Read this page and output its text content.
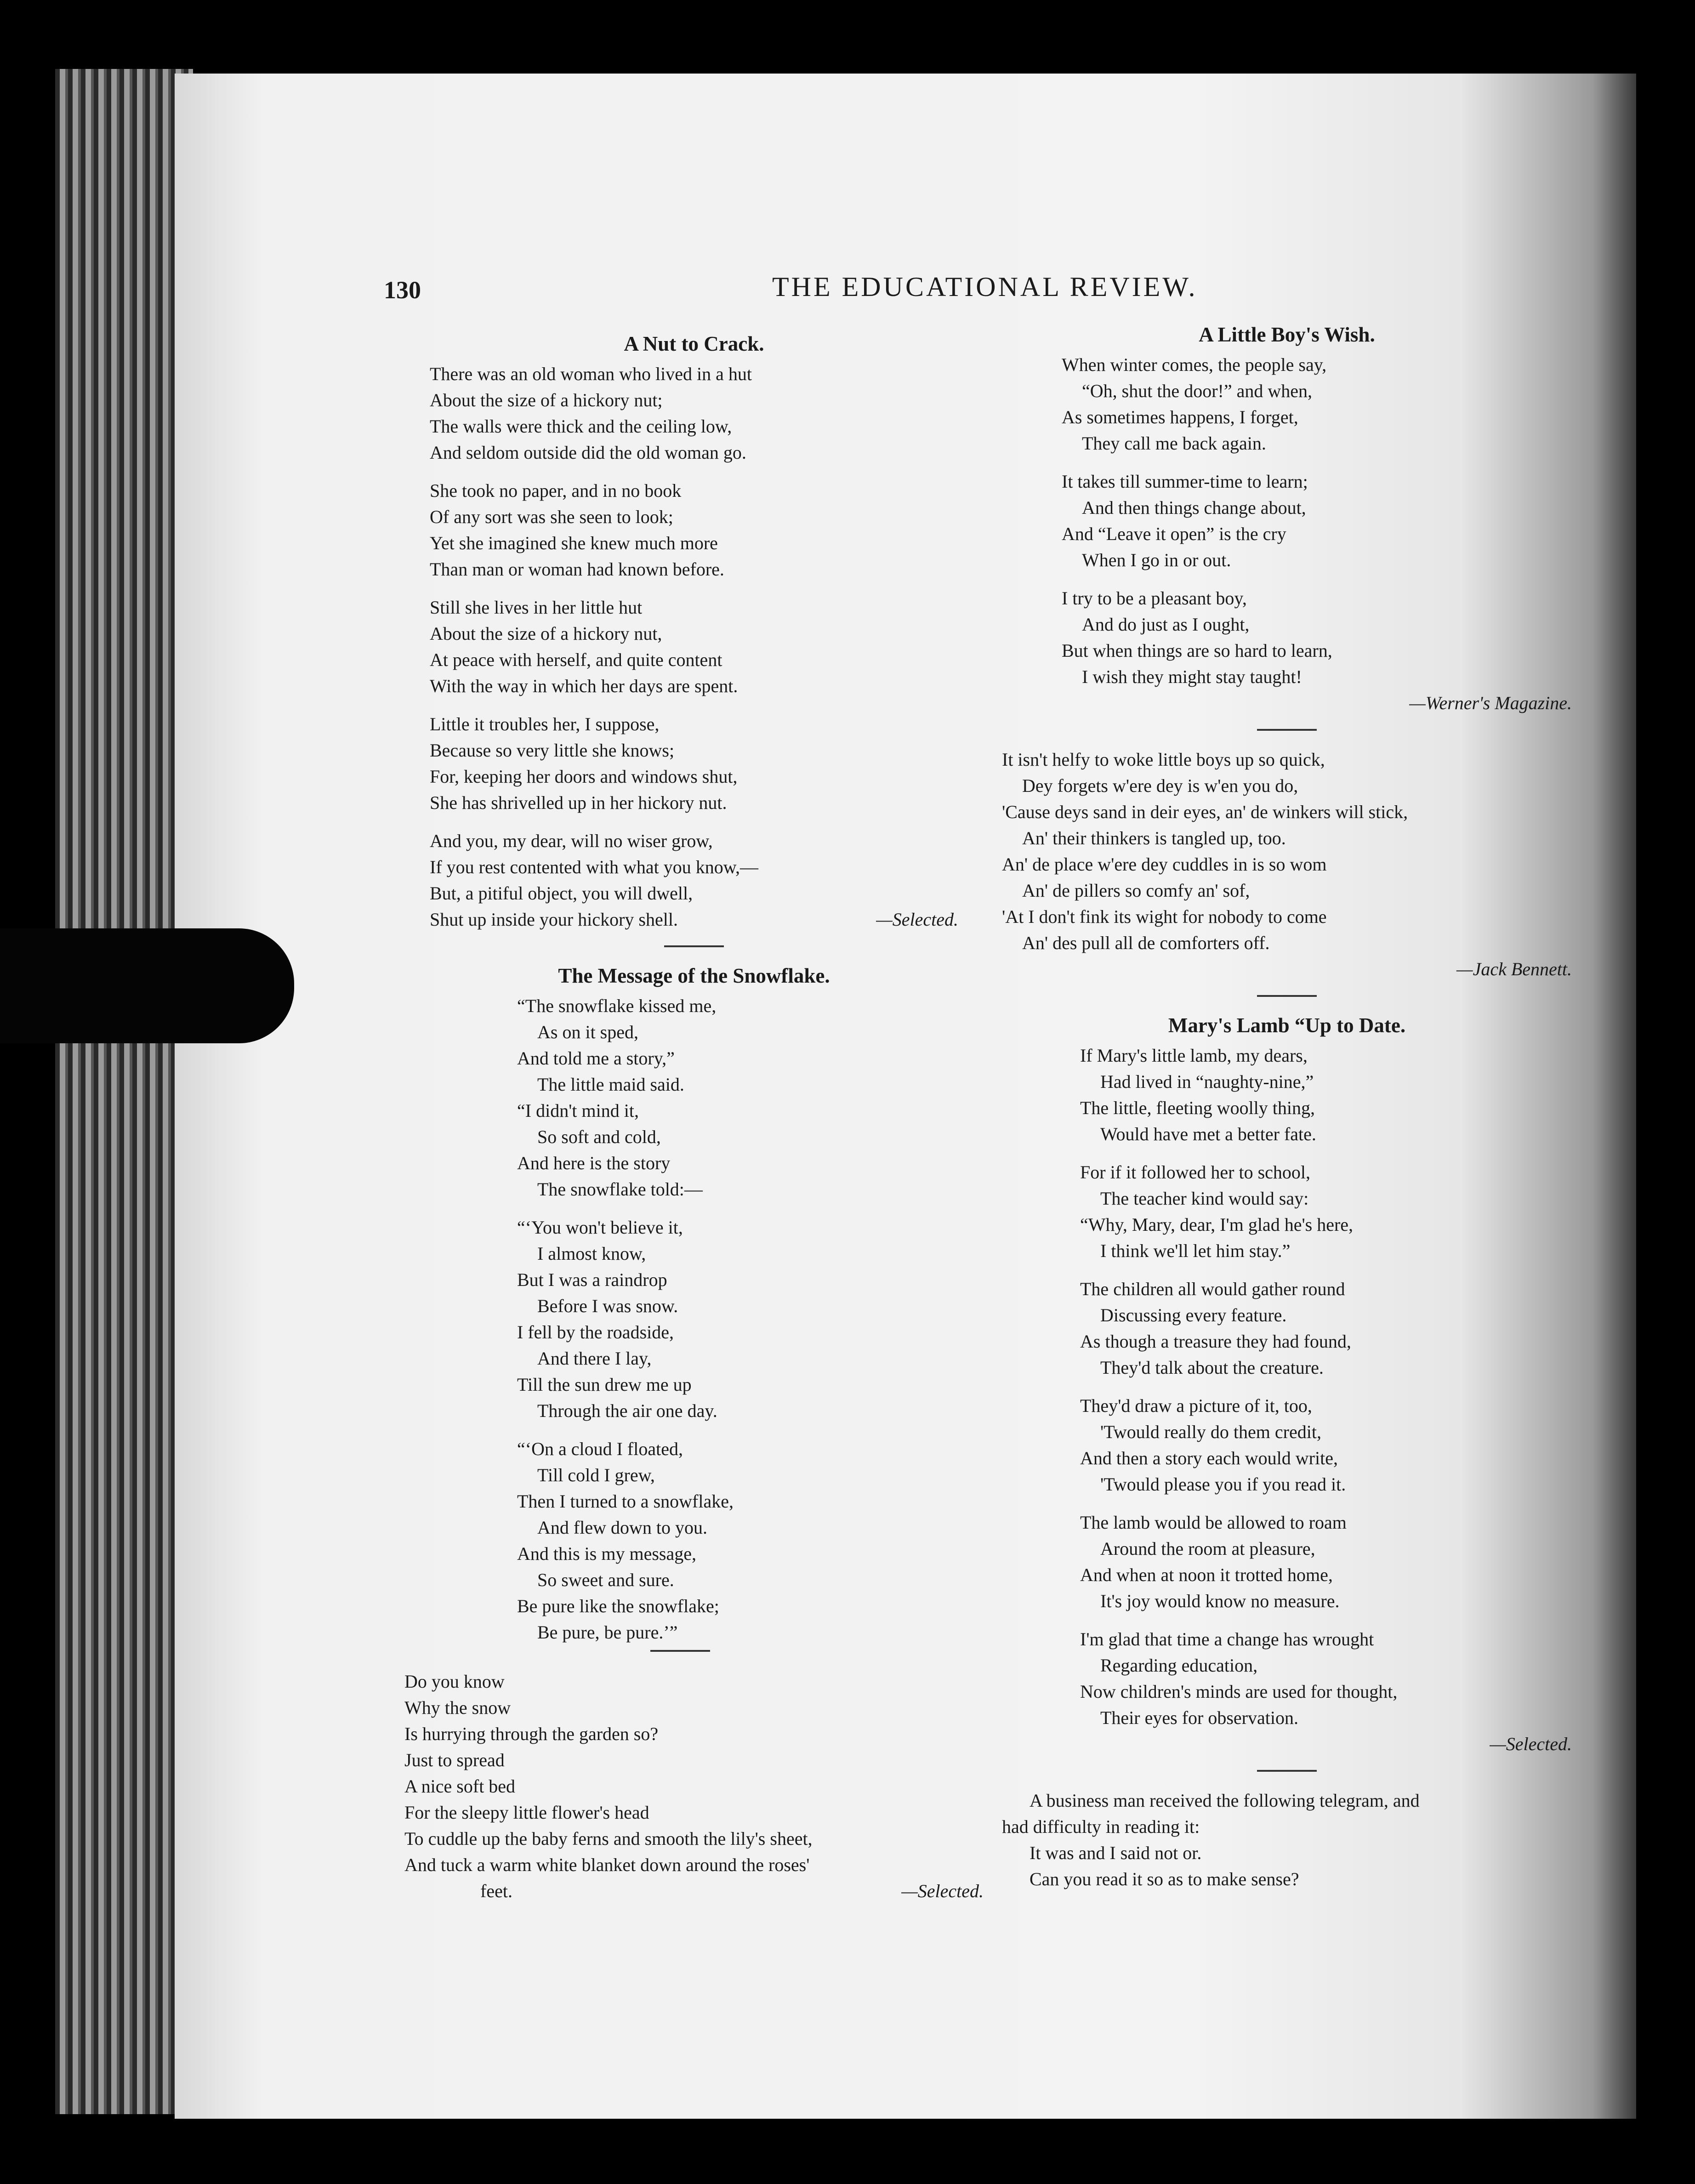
130	THE EDUCATIONAL REVIEW.
A Nut to Crack.
There was an old woman who lived in a hut
About the size of a hickory nut;
The walls were thick and the ceiling low,
And seldom outside did the old woman go.
She took no paper, and in no book
Of any sort was she seen to look;
Yet she imagined she knew much more
Than man or woman had known before.
Still she lives in her little hut
About the size of a hickory nut,
At peace with herself, and quite content
With the way in which her days are spent.
Little it troubles her, I suppose,
Because so very little she knows;
For, keeping her doors and windows shut,
She has shrivelled up in her hickory nut.
And you, my dear, will no wiser grow,
If you rest contented with what you know,—
But, a pitiful object, you will dwell,
Shut up inside your hickory shell.	—Selected.
The Message of the Snowflake.
“The snowflake kissed me,
As on it sped,
And told me a story,”
The little maid said.
“I didn't mind it,
So soft and cold,
And here is the story
The snowflake told:—
“‘You won't believe it,
I almost know,
But I was a raindrop
Before I was snow.
I fell by the roadside,
And there I lay,
Till the sun drew me up
Through the air one day.
“‘On a cloud I floated,
Till cold I grew,
Then I turned to a snowflake,
And flew down to you.
And this is my message,
So sweet and sure.
Be pure like the snowflake;
Be pure, be pure.’”
Do you know
Why the snow
Is hurrying through the garden so?
Just to spread
A nice soft bed
For the sleepy little flower's head
To cuddle up the baby ferns and smooth the lily's sheet,
And tuck a warm white blanket down around the roses'
feet.	—Selected.
A Little Boy's Wish.
When winter comes, the people say,
“Oh, shut the door!” and when,
As sometimes happens, I forget,
They call me back again.
It takes till summer-time to learn;
And then things change about,
And “Leave it open” is the cry
When I go in or out.
I try to be a pleasant boy,
And do just as I ought,
But when things are so hard to learn,
I wish they might stay taught!
—Werner's Magazine.
It isn't helfy to woke little boys up so quick,
Dey forgets w'ere dey is w'en you do,
'Cause deys sand in deir eyes, an' de winkers will stick,
An' their thinkers is tangled up, too.
An' de place w'ere dey cuddles in is so wom
An' de pillers so comfy an' sof,
'At I don't fink its wight for nobody to come
An' des pull all de comforters off.
—Jack Bennett.
Mary's Lamb “Up to Date.
If Mary's little lamb, my dears,
Had lived in “naughty-nine,”
The little, fleeting woolly thing,
Would have met a better fate.
For if it followed her to school,
The teacher kind would say:
“Why, Mary, dear, I'm glad he's here,
I think we'll let him stay.”
The children all would gather round
Discussing every feature.
As though a treasure they had found,
They'd talk about the creature.
They'd draw a picture of it, too,
'Twould really do them credit,
And then a story each would write,
'Twould please you if you read it.
The lamb would be allowed to roam
Around the room at pleasure,
And when at noon it trotted home,
It's joy would know no measure.
I'm glad that time a change has wrought
Regarding education,
Now children's minds are used for thought,
Their eyes for observation.
—Selected.
A business man received the following telegram, and
had difficulty in reading it:
It was and I said not or.
Can you read it so as to make sense?
